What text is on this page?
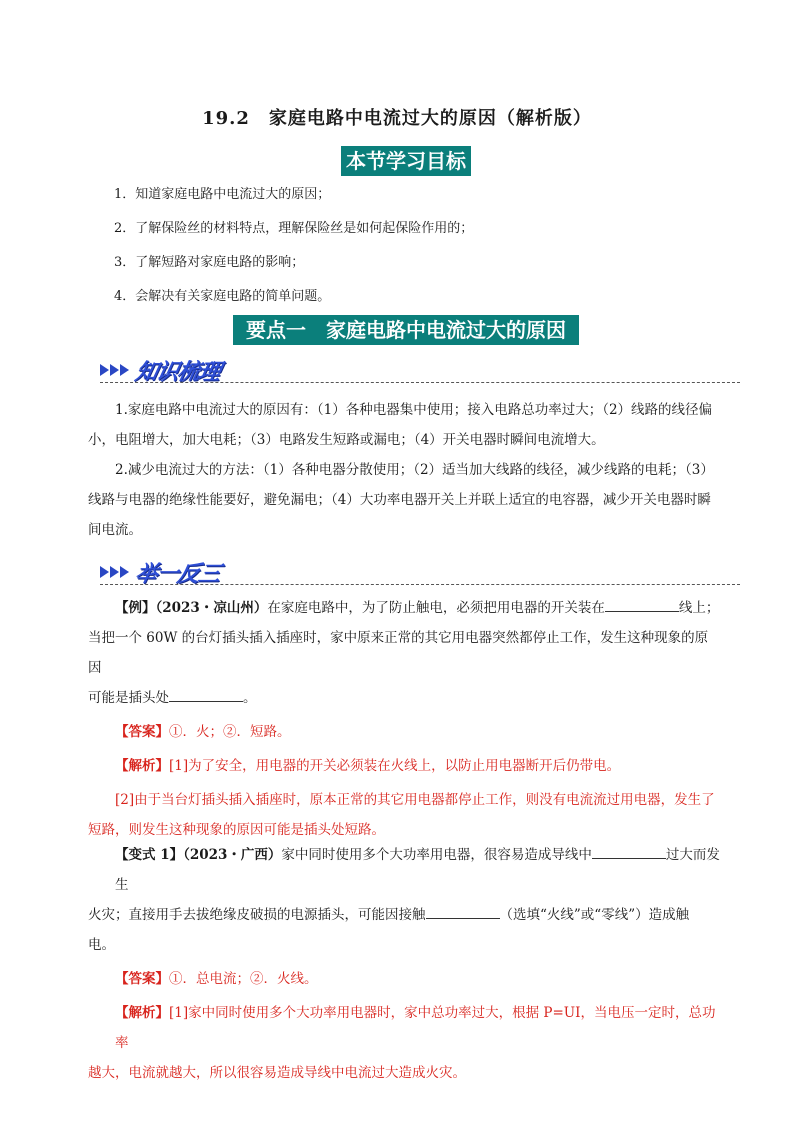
19.2　家庭电路中电流过大的原因（解析版）
本节学习目标
1．知道家庭电路中电流过大的原因；
2．了解保险丝的材料特点，理解保险丝是如何起保险作用的；
3．了解短路对家庭电路的影响；
4．会解决有关家庭电路的简单问题。
要点一　家庭电路中电流过大的原因
知识梳理
1.家庭电路中电流过大的原因有：（1）各种电器集中使用；接入电路总功率过大；（2）线路的线径偏
小，电阻增大，加大电耗；（3）电路发生短路或漏电；（4）开关电器时瞬间电流增大。
2.减少电流过大的方法：（1）各种电器分散使用；（2）适当加大线路的线径，减少线路的电耗；（3）
线路与电器的绝缘性能要好，避免漏电；（4）大功率电器开关上并联上适宜的电容器，减少开关电器时瞬
间电流。
举一反三
【例】（2023・凉山州）在家庭电路中，为了防止触电，必须把用电器的开关装在	线上；
当把一个 60W 的台灯插头插入插座时，家中原来正常的其它用电器突然都停止工作，发生这种现象的原因
可能是插头处	。
【答案】①．火；②．短路。
【解析】[1]为了安全，用电器的开关必须装在火线上，以防止用电器断开后仍带电。
[2]由于当台灯插头插入插座时，原本正常的其它用电器都停止工作，则没有电流流过用电器，发生了
短路，则发生这种现象的原因可能是插头处短路。
【变式 1】（2023・广西）家中同时使用多个大功率用电器，很容易造成导线中	过大而发生
火灾；直接用手去拔绝缘皮破损的电源插头，可能因接触	（选填“火线”或“零线”）造成触
电。
【答案】①．总电流；②．火线。
【解析】[1]家中同时使用多个大功率用电器时，家中总功率过大，根据 P=UI，当电压一定时，总功率
越大，电流就越大，所以很容易造成导线中电流过大造成火灾。
